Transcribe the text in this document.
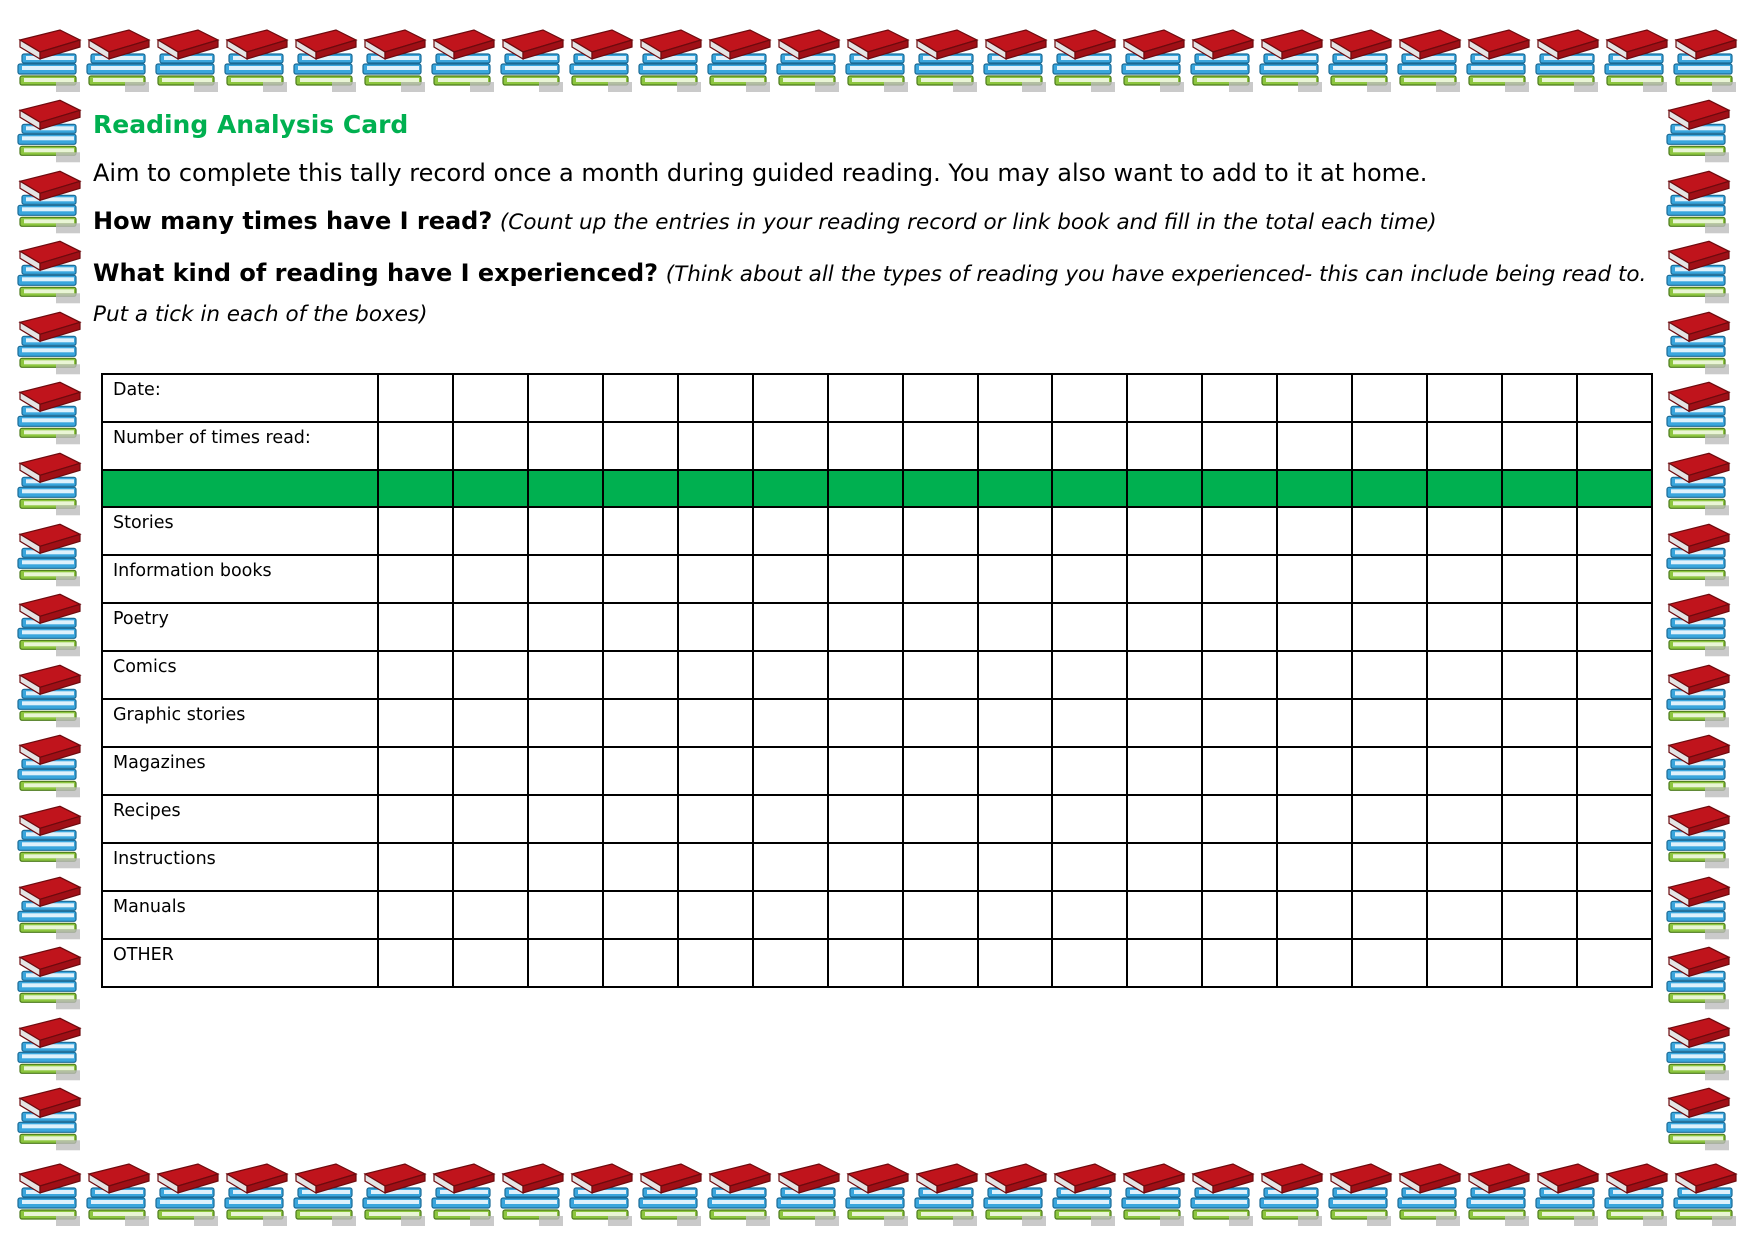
Reading Analysis Card

Aim to complete this tally record once a month during guided reading. You may also want to add to it at home.

How many times have I read? (Count up the entries in your reading record or link book and fill in the total each time)

What kind of reading have I experienced? (Think about all the types of reading you have experienced- this can include being read to. Put a tick in each of the boxes)

Date:																	
Number of times read:																	

Stories																	
Information books																	
Poetry																	
Comics																	
Graphic stories																	
Magazines																	
Recipes																	
Instructions																	
Manuals																	
OTHER																	
